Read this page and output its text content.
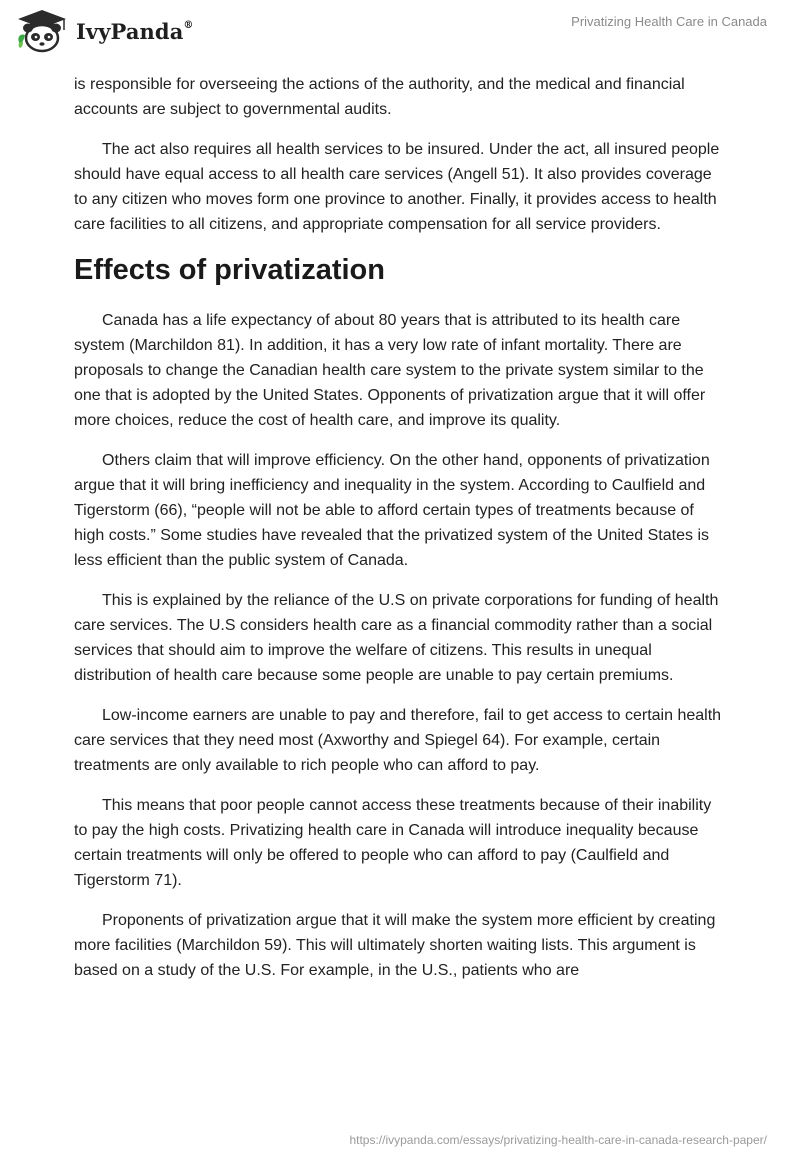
IvyPanda®	Privatizing Health Care in Canada

is responsible for overseeing the actions of the authority, and the medical and financial accounts are subject to governmental audits.

The act also requires all health services to be insured. Under the act, all insured people should have equal access to all health care services (Angell 51). It also provides coverage to any citizen who moves form one province to another. Finally, it provides access to health care facilities to all citizens, and appropriate compensation for all service providers.

Effects of privatization

Canada has a life expectancy of about 80 years that is attributed to its health care system (Marchildon 81). In addition, it has a very low rate of infant mortality. There are proposals to change the Canadian health care system to the private system similar to the one that is adopted by the United States. Opponents of privatization argue that it will offer more choices, reduce the cost of health care, and improve its quality.

Others claim that will improve efficiency. On the other hand, opponents of privatization argue that it will bring inefficiency and inequality in the system. According to Caulfield and Tigerstorm (66), “people will not be able to afford certain types of treatments because of high costs.” Some studies have revealed that the privatized system of the United States is less efficient than the public system of Canada.

This is explained by the reliance of the U.S on private corporations for funding of health care services. The U.S considers health care as a financial commodity rather than a social services that should aim to improve the welfare of citizens. This results in unequal distribution of health care because some people are unable to pay certain premiums.

Low-income earners are unable to pay and therefore, fail to get access to certain health care services that they need most (Axworthy and Spiegel 64). For example, certain treatments are only available to rich people who can afford to pay.

This means that poor people cannot access these treatments because of their inability to pay the high costs. Privatizing health care in Canada will introduce inequality because certain treatments will only be offered to people who can afford to pay (Caulfield and Tigerstorm 71).

Proponents of privatization argue that it will make the system more efficient by creating more facilities (Marchildon 59). This will ultimately shorten waiting lists. This argument is based on a study of the U.S. For example, in the U.S., patients who are

https://ivypanda.com/essays/privatizing-health-care-in-canada-research-paper/
